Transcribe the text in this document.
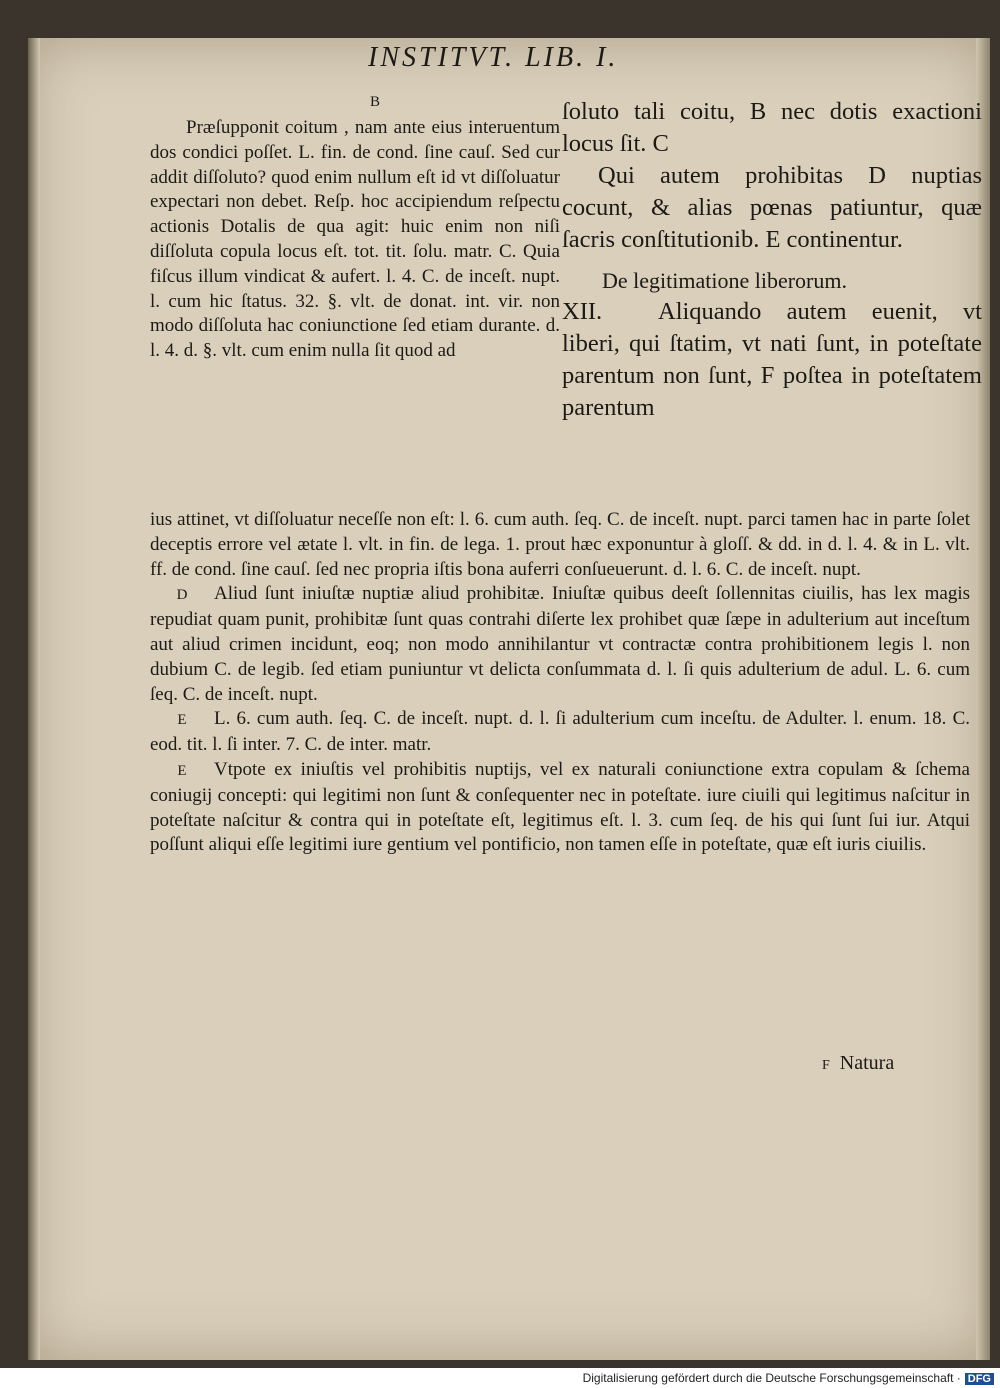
INSTITVT. LIB. I.
B

Præſupponit coitum , nam ante eius interuentum dos condici poſſet. L. fin. de cond. ſine cauſ. Sed cur addit diſſoluto? quod enim nullum eſt id vt diſſoluatur expectari non debet. Reſp. hoc accipiendum reſpectu actionis Dotalis de qua agit: huic enim non niſi diſſoluta copula locus eſt. tot. tit. ſolu. matr. C. Quia fiſcus illum vindicat & aufert. l. 4. C. de inceſt. nupt. l. cum hic ſtatus. 32. §. vlt. de donat. int. vir. non modo diſſoluta hac coniunctione ſed etiam durante. d. l. 4. d. §. vlt. cum enim nulla ſit quod ad

ſoluto tali coitu, B nec dotis exactioni locus ſit. C

Qui autem prohibitas D nuptias cocunt, & alias pœnas patiuntur, quæ ſacris conſtitutionib. E continentur.

De legitimatione liberorum.

XII. Aliquando autem euenit, vt liberi, qui ſtatim, vt nati ſunt, in poteſtate parentum non ſunt, F poſtea in poteſtatem parentum

ius attinet, vt diſſoluatur neceſſe non eſt: l. 6. cum auth. ſeq. C. de inceſt. nupt. parci tamen hac in parte ſolet deceptis errore vel ætate l. vlt. in fin. de lega. 1. prout hæc exponuntur à gloſſ. & dd. in d. l. 4. & in L. vlt. ff. de cond. ſine cauſ. ſed nec propria iſtis bona auferri conſueuerunt. d. l. 6. C. de inceſt. nupt.

D Aliud ſunt iniuſtæ nuptiæ aliud prohibitæ. Iniuſtæ quibus deeſt ſollennitas ciuilis, has lex magis repudiat quam punit, prohibitæ ſunt quas contrahi diſerte lex prohibet quæ ſæpe in adulterium aut inceſtum aut aliud crimen incidunt, eoq; non modo annihilantur vt contractæ contra prohibitionem legis l. non dubium C. de legib. ſed etiam puniuntur vt delicta conſummata d. l. ſi quis adulterium de adul. L. 6. cum ſeq. C. de inceſt. nupt.

E L. 6. cum auth. ſeq. C. de inceſt. nupt. d. l. ſi adulterium cum inceſtu. de Adulter. l. enum. 18. C. eod. tit. l. ſi inter. 7. C. de inter. matr.

E Vtpote ex iniuſtis vel prohibitis nuptijs, vel ex naturali coniunctione extra copulam & ſchema coniugij concepti: qui legitimi non ſunt & conſequenter nec in poteſtate. iure ciuili qui legitimus naſcitur in poteſtate naſcitur & contra qui in poteſtate eſt, legitimus eſt. l. 3. cum ſeq. de his qui ſunt ſui iur. Atqui poſſunt aliqui eſſe legitimi iure gentium vel pontificio, non tamen eſſe in poteſtate, quæ eſt iuris ciuilis.

F Natura
Digitalisierung gefördert durch die Deutsche Forschungsgemeinschaft · DFG
